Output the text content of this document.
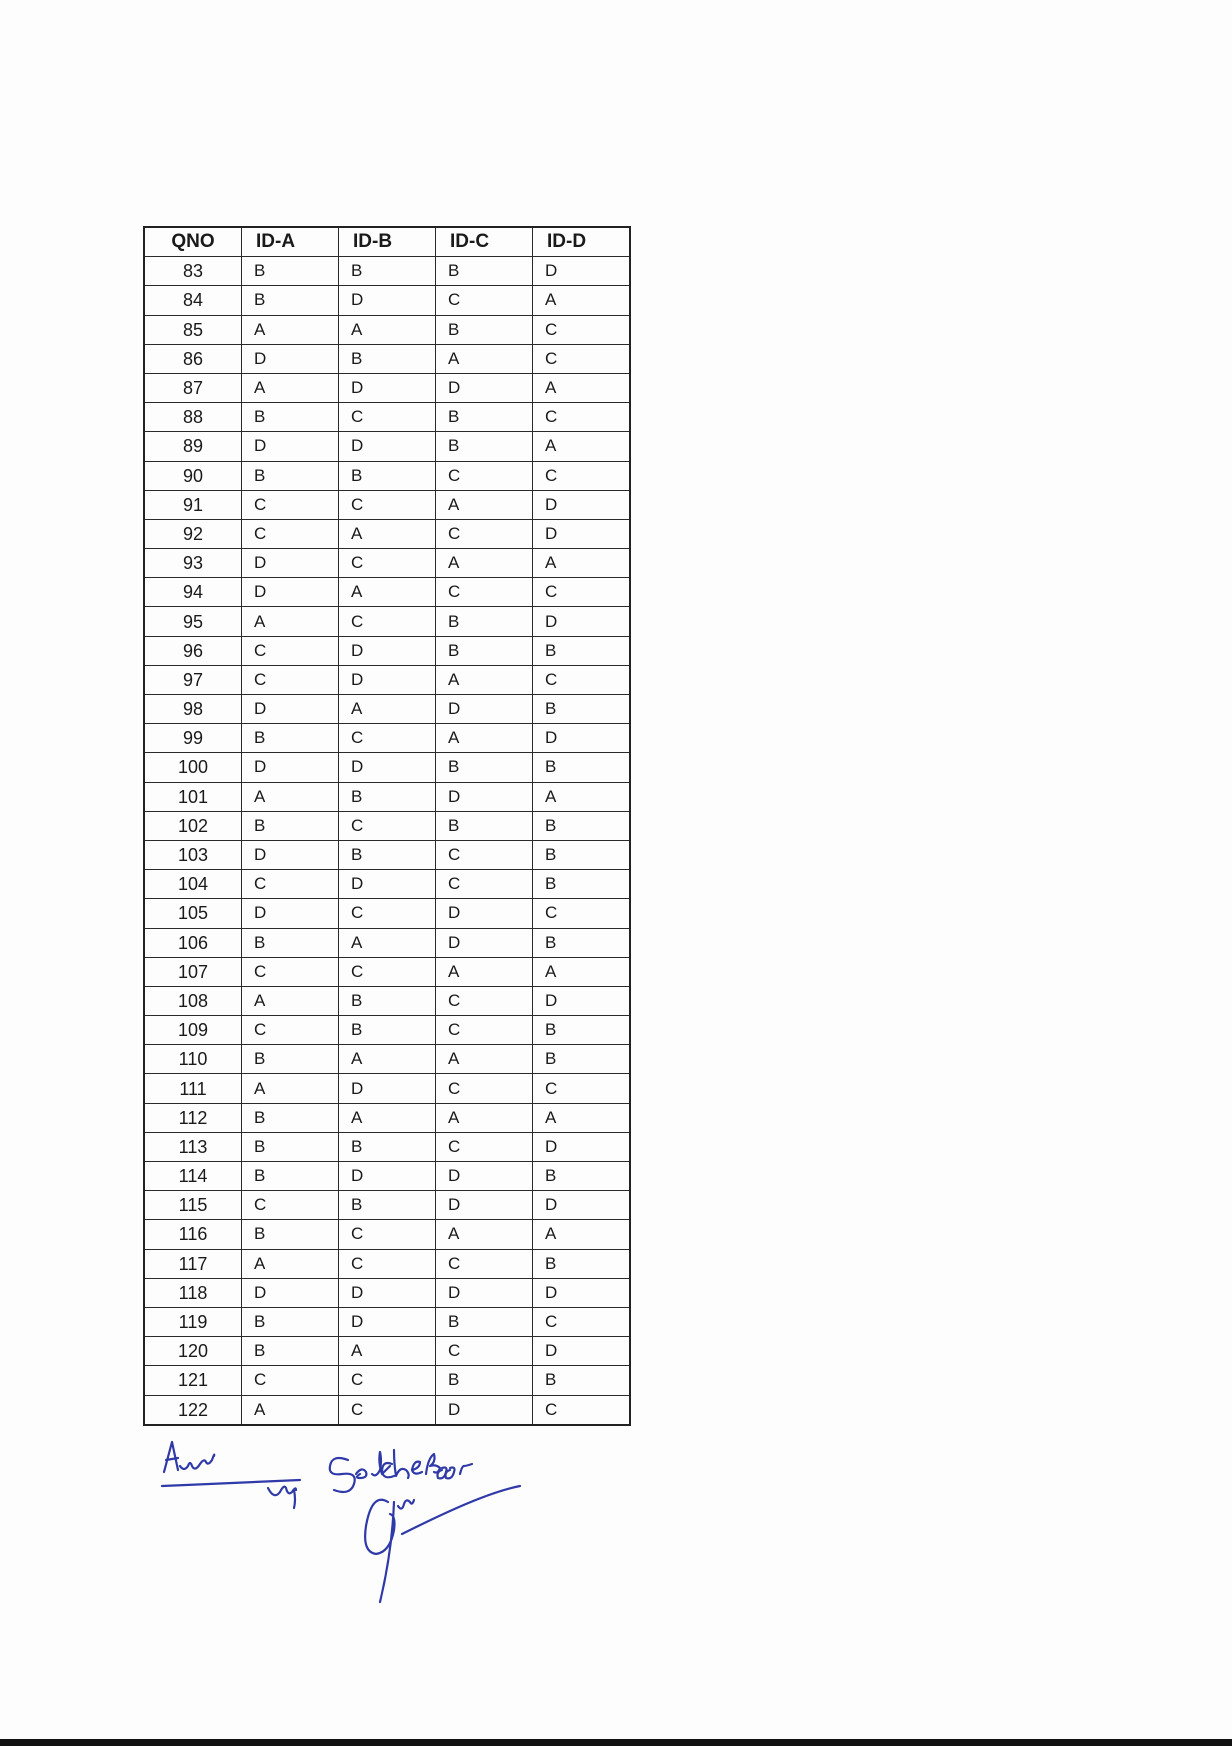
QNO	ID-A	ID-B	ID-C	ID-D
83	B	B	B	D
84	B	D	C	A
85	A	A	B	C
86	D	B	A	C
87	A	D	D	A
88	B	C	B	C
89	D	D	B	A
90	B	B	C	C
91	C	C	A	D
92	C	A	C	D
93	D	C	A	A
94	D	A	C	C
95	A	C	B	D
96	C	D	B	B
97	C	D	A	C
98	D	A	D	B
99	B	C	A	D
100	D	D	B	B
101	A	B	D	A
102	B	C	B	B
103	D	B	C	B
104	C	D	C	B
105	D	C	D	C
106	B	A	D	B
107	C	C	A	A
108	A	B	C	D
109	C	B	C	B
110	B	A	A	B
111	A	D	C	C
112	B	A	A	A
113	B	B	C	D
114	B	D	D	B
115	C	B	D	D
116	B	C	A	A
117	A	C	C	B
118	D	D	D	D
119	B	D	B	C
120	B	A	C	D
121	C	C	B	B
122	A	C	D	C
